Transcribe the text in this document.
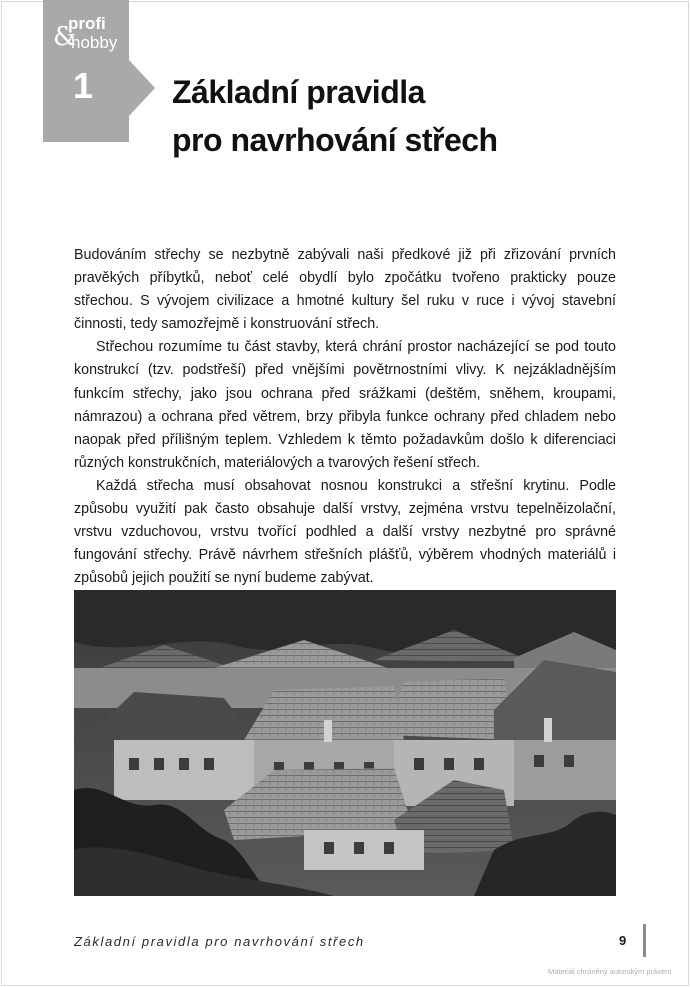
&
profi
hobby
1 Základní pravidla
pro navrhování střech

Budováním střechy se nezbytně zabývali naši předkové již při zřizování prvních pravěkých příbytků, neboť celé obydlí bylo zpočátku tvořeno prakticky pouze střechou. S vývojem civilizace a hmotné kultury šel ruku v ruce i vývoj stavební činnosti, tedy samozřejmě i konstruování střech.

Střechou rozumíme tu část stavby, která chrání prostor nacházející se pod touto konstrukcí (tzv. podstřeší) před vnějšími povětrnostními vlivy. K nejzákladnějším funkcím střechy, jako jsou ochrana před srážkami (deštěm, sněhem, kroupami, námrazou) a ochrana před větrem, brzy přibyla funkce ochrany před chladem nebo naopak před přílišným teplem. Vzhledem k těmto požadavkům došlo k diferenciaci různých konstrukčních, materiálových a tvarových řešení střech.

Každá střecha musí obsahovat nosnou konstrukci a střešní krytinu. Podle způsobu využití pak často obsahuje další vrstvy, zejména vrstvu tepelněizolační, vrstvu vzduchovou, vrstvu tvořící podhled a další vrstvy nezbytné pro správné fungování střechy. Právě návrhem střešních plášťů, výběrem vhodných materiálů i způsobů jejich použití se nyní budeme zabývat.

Základní pravidla pro navrhování střech	9
Materiál chráněný autorským právem
